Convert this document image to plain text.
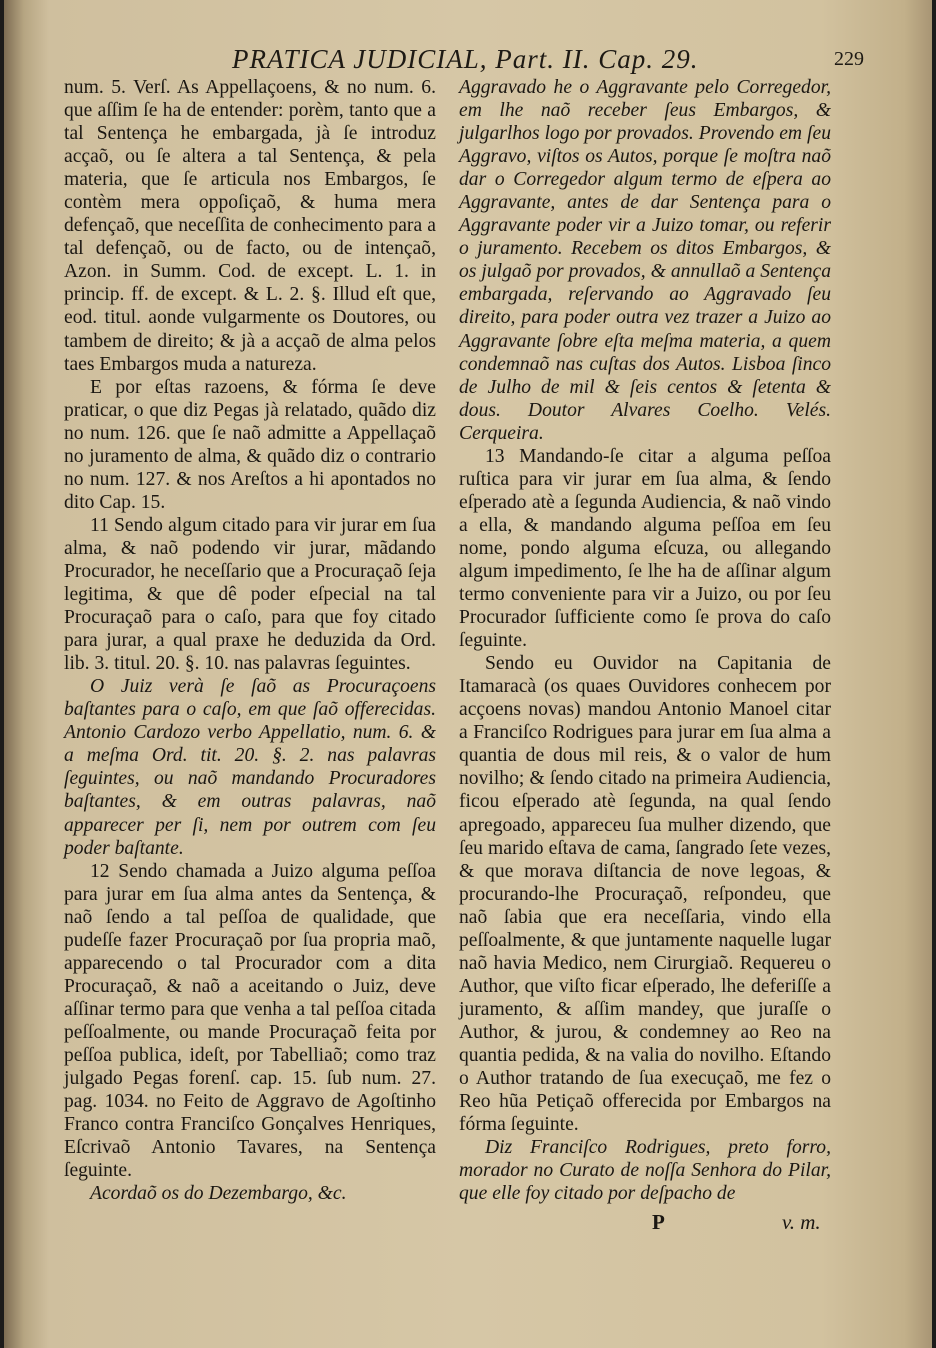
PRATICA JUDICIAL, Part. II. Cap. 29.	229

num. 5. Verſ. As Appellaçoens, & no num. 6. que aſſim ſe ha de entender: porèm, tanto que a tal Sentença he embargada, jà ſe introduz acçaõ, ou ſe altera a tal Sentença, & pela materia, que ſe articula nos Embargos, ſe contèm mera oppoſiçaõ, & huma mera defençaõ, que neceſſita de conhecimento para a tal defençaõ, ou de facto, ou de intençaõ, Azon. in Summ. Cod. de except. L. 1. in princip. ff. de except. & L. 2. §. Illud eſt que, eod. titul. aonde vulgarmente os Doutores, ou tambem de direito; & jà a acçaõ de alma pelos taes Embargos muda a natureza.

E por eſtas razoens, & fórma ſe deve praticar, o que diz Pegas jà relatado, quãdo diz no num. 126. que ſe naõ admitte a Appellaçaõ no juramento de alma, & quãdo diz o contrario no num. 127. & nos Areſtos a hi apontados no dito Cap. 15.

11 Sendo algum citado para vir jurar em ſua alma, & naõ podendo vir jurar, mãdando Procurador, he neceſſario que a Procuraçaõ ſeja legitima, & que dê poder eſpecial na tal Procuraçaõ para o caſo, para que foy citado para jurar, a qual praxe he deduzida da Ord. lib. 3. titul. 20. §. 10. nas palavras ſeguintes.

O Juiz verà ſe ſaõ as Procuraçoens baſtantes para o caſo, em que ſaõ offerecidas. Antonio Cardozo verbo Appellatio, num. 6. & a meſma Ord. tit. 20. §. 2. nas palavras ſeguintes, ou naõ mandando Procuradores baſtantes, & em outras palavras, naõ apparecer per ſi, nem por outrem com ſeu poder baſtante.

12 Sendo chamada a Juizo alguma peſſoa para jurar em ſua alma antes da Sentença, & naõ ſendo a tal peſſoa de qualidade, que pudeſſe fazer Procuraçaõ por ſua propria maõ, apparecendo o tal Procurador com a dita Procuraçaõ, & naõ a aceitando o Juiz, deve aſſinar termo para que venha a tal peſſoa citada peſſoalmente, ou mande Procuraçaõ feita por peſſoa publica, ideſt, por Tabelliaõ; como traz julgado Pegas forenſ. cap. 15. ſub num. 27. pag. 1034. no Feito de Aggravo de Agoſtinho Francо contra Franciſco Gonçalves Henriques, Eſcrivaõ Antonio Tavares, na Sentença ſeguinte.

Acordaõ os do Dezembargo, &c.

Aggravado he o Aggravante pelo Corregedor, em lhe naõ receber ſeus Embargos, & julgarlhos logo por provados. Provendo em ſeu Aggravo, viſtos os Autos, porque ſe moſtra naõ dar o Corregedor algum termo de eſpera ao Aggravante, antes de dar Sentença para o Aggravante poder vir a Juizo tomar, ou referir o juramento. Recebem os ditos Embargos, & os julgaõ por provados, & annullaõ a Sentença embargada, reſervando ao Aggravado ſeu direito, para poder outra vez trazer a Juizo ao Aggravante ſobre eſta meſma materia, a quem condemnaõ nas cuſtas dos Autos. Lisboa ſinco de Julho de mil & ſeis centos & ſetenta & dous. Doutor Alvares Coelho. Velés. Cerqueira.

13 Mandando-ſe citar a alguma peſſoa ruſtica para vir jurar em ſua alma, & ſendo eſperado atè a ſegunda Audiencia, & naõ vindo a ella, & mandando alguma peſſoa em ſeu nome, pondo alguma eſcuza, ou allegando algum impedimento, ſe lhe ha de aſſinar algum termo conveniente para vir a Juizo, ou por ſeu Procurador ſufficiente como ſe prova do caſo ſeguinte.

Sendo eu Ouvidor na Capitania de Itamaracà (os quaes Ouvidores conhecem por acçoens novas) mandou Antonio Manoel citar a Franciſco Rodrigues para jurar em ſua alma a quantia de dous mil reis, & o valor de hum novilho; & ſendo citado na primeira Audiencia, ficou eſperado atè ſegunda, na qual ſendo apregoado, appareceu ſua mulher dizendo, que ſeu marido eſtava de cama, ſangrado ſete vezes, & que morava diſtancia de nove legoas, & procurando-lhe Procuraçaõ, reſpondeu, que naõ ſabia que era neceſſaria, vindo ella peſſoalmente, & que juntamente naquelle lugar naõ havia Medico, nem Cirurgiaõ. Requereu o Author, que viſto ficar eſperado, lhe deferiſſe a juramento, & aſſim mandey, que juraſſe o Author, & jurou, & condemney ao Reo na quantia pedida, & na valia do novilho. Eſtando o Author tratando de ſua execuçaõ, me fez o Reo hũa Petiçaõ offerecida por Embargos na fórma ſeguinte.

Diz Franciſco Rodrigues, preto forro, morador no Curato de noſſa Senhora do Pilar, que elle foy citado por deſpacho de

P	v. m.
